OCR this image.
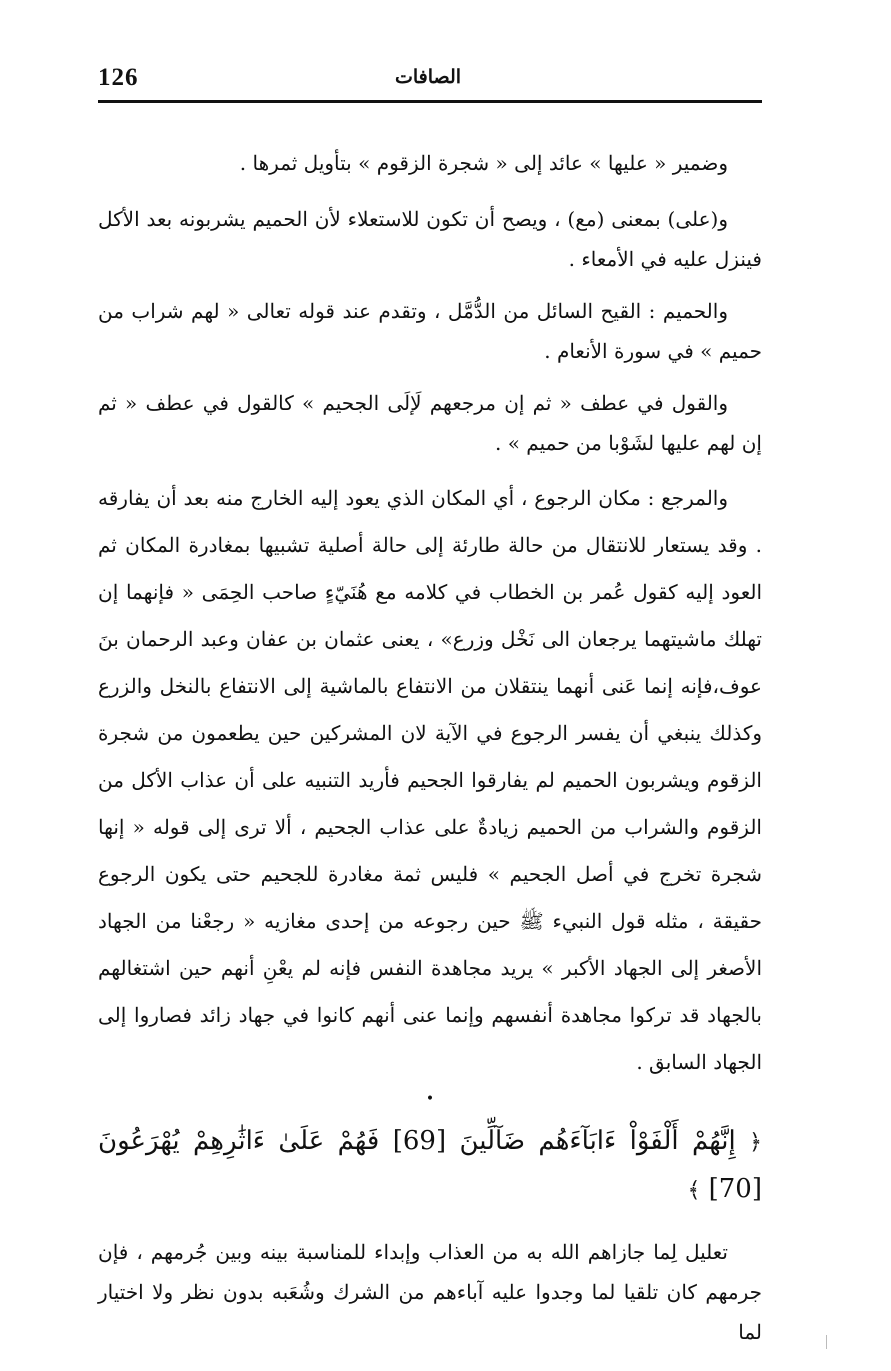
126	الصافات

وضمير « عليها » عائد إلى « شجرة الزقوم » بتأويل ثمرها .

و(على) بمعنى (مع) ، ويصح أن تكون للاستعلاء لأن الحميم يشربونه بعد الأكل فينزل عليه في الأمعاء .

والحميم : القيح السائل من الدُّمَّل ، وتقدم عند قوله تعالى « لهم شراب من حميم » في سورة الأنعام .

والقول في عطف « ثم إن مرجعهم لَإلَى الجحيم » كالقول في عطف « ثم إن لهم عليها لشَوْبا من حميم » .

والمرجع : مكان الرجوع ، أي المكان الذي يعود إليه الخارج منه بعد أن يفارقه . وقد يستعار للانتقال من حالة طارئة إلى حالة أصلية تشبيها بمغادرة المكان ثم العود إليه كقول عُمر بن الخطاب في كلامه مع هُنَيّءٍ صاحب الحِمَى « فإنهما إن تهلك ماشيتهما يرجعان الى نَخْل وزرع» ، يعنى عثمان بن عفان وعبد الرحمان بنَ عوف،فإنه إنما عَنى أنهما ينتقلان من الانتفاع بالماشية إلى الانتفاع بالنخل والزرع وكذلك ينبغي أن يفسر الرجوع في الآية لان المشركين حين يطعمون من شجرة الزقوم ويشربون الحميم لم يفارقوا الجحيم فأريد التنبيه على أن عذاب الأكل من الزقوم والشراب من الحميم زيادةٌ على عذاب الجحيم ، ألا ترى إلى قوله « إنها شجرة تخرج في أصل الجحيم » فليس ثمة مغادرة للجحيم حتى يكون الرجوع حقيقة ، مثله قول النبيء ﷺ حين رجوعه من إحدى مغازيه « رجعْنا من الجهاد الأصغر إلى الجهاد الأكبر » يريد مجاهدة النفس فإنه لم يعْنِ أنهم حين اشتغالهم بالجهاد قد تركوا مجاهدة أنفسهم وإنما عنى أنهم كانوا في جهاد زائد فصاروا إلى الجهاد السابق .

•

﴿ إِنَّهُمْ أَلْفَوْاْ ءَابَآءَهُم ضَآلِّينَ [69] فَهُمْ عَلَىٰ ءَاثَٰرِهِمْ يُهْرَعُونَ [70] ﴾

تعليل لِما جازاهم الله به من العذاب وإبداء للمناسبة بينه وبين جُرمهم ، فإن جرمهم كان تلقيا لما وجدوا عليه آباءهم من الشرك وشُعَبه بدون نظر ولا اختيار لما
